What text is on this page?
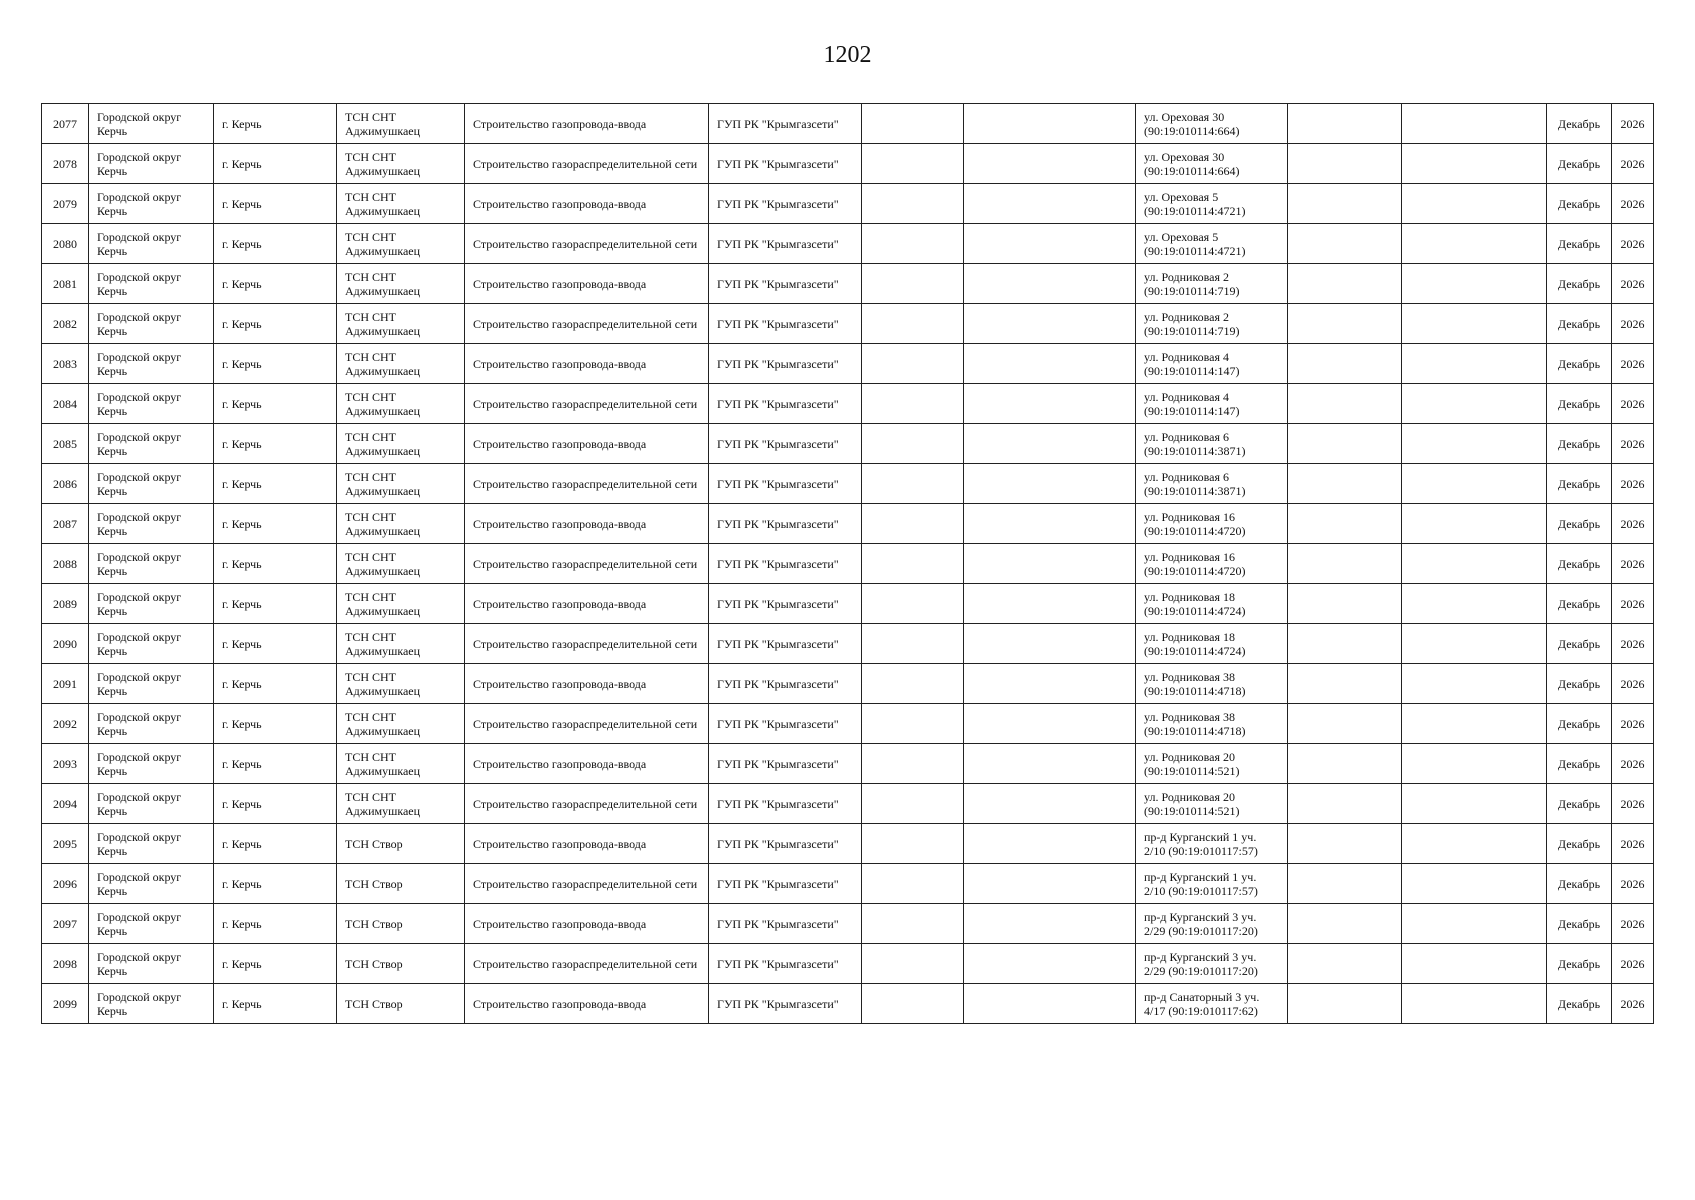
1202
2077	Городской округ Керчь	г. Керчь	ТСН СНТ Аджимушкаец	Строительство газопровода-ввода	ГУП РК "Крымгазсети"			ул. Ореховая 30 (90:19:010114:664)			Декабрь	2026
2078	Городской округ Керчь	г. Керчь	ТСН СНТ Аджимушкаец	Строительство газораспределительной сети	ГУП РК "Крымгазсети"			ул. Ореховая 30 (90:19:010114:664)			Декабрь	2026
2079	Городской округ Керчь	г. Керчь	ТСН СНТ Аджимушкаец	Строительство газопровода-ввода	ГУП РК "Крымгазсети"			ул. Ореховая 5 (90:19:010114:4721)			Декабрь	2026
2080	Городской округ Керчь	г. Керчь	ТСН СНТ Аджимушкаец	Строительство газораспределительной сети	ГУП РК "Крымгазсети"			ул. Ореховая 5 (90:19:010114:4721)			Декабрь	2026
2081	Городской округ Керчь	г. Керчь	ТСН СНТ Аджимушкаец	Строительство газопровода-ввода	ГУП РК "Крымгазсети"			ул. Родниковая 2 (90:19:010114:719)			Декабрь	2026
2082	Городской округ Керчь	г. Керчь	ТСН СНТ Аджимушкаец	Строительство газораспределительной сети	ГУП РК "Крымгазсети"			ул. Родниковая 2 (90:19:010114:719)			Декабрь	2026
2083	Городской округ Керчь	г. Керчь	ТСН СНТ Аджимушкаец	Строительство газопровода-ввода	ГУП РК "Крымгазсети"			ул. Родниковая 4 (90:19:010114:147)			Декабрь	2026
2084	Городской округ Керчь	г. Керчь	ТСН СНТ Аджимушкаец	Строительство газораспределительной сети	ГУП РК "Крымгазсети"			ул. Родниковая 4 (90:19:010114:147)			Декабрь	2026
2085	Городской округ Керчь	г. Керчь	ТСН СНТ Аджимушкаец	Строительство газопровода-ввода	ГУП РК "Крымгазсети"			ул. Родниковая 6 (90:19:010114:3871)			Декабрь	2026
2086	Городской округ Керчь	г. Керчь	ТСН СНТ Аджимушкаец	Строительство газораспределительной сети	ГУП РК "Крымгазсети"			ул. Родниковая 6 (90:19:010114:3871)			Декабрь	2026
2087	Городской округ Керчь	г. Керчь	ТСН СНТ Аджимушкаец	Строительство газопровода-ввода	ГУП РК "Крымгазсети"			ул. Родниковая 16 (90:19:010114:4720)			Декабрь	2026
2088	Городской округ Керчь	г. Керчь	ТСН СНТ Аджимушкаец	Строительство газораспределительной сети	ГУП РК "Крымгазсети"			ул. Родниковая 16 (90:19:010114:4720)			Декабрь	2026
2089	Городской округ Керчь	г. Керчь	ТСН СНТ Аджимушкаец	Строительство газопровода-ввода	ГУП РК "Крымгазсети"			ул. Родниковая 18 (90:19:010114:4724)			Декабрь	2026
2090	Городской округ Керчь	г. Керчь	ТСН СНТ Аджимушкаец	Строительство газораспределительной сети	ГУП РК "Крымгазсети"			ул. Родниковая 18 (90:19:010114:4724)			Декабрь	2026
2091	Городской округ Керчь	г. Керчь	ТСН СНТ Аджимушкаец	Строительство газопровода-ввода	ГУП РК "Крымгазсети"			ул. Родниковая 38 (90:19:010114:4718)			Декабрь	2026
2092	Городской округ Керчь	г. Керчь	ТСН СНТ Аджимушкаец	Строительство газораспределительной сети	ГУП РК "Крымгазсети"			ул. Родниковая 38 (90:19:010114:4718)			Декабрь	2026
2093	Городской округ Керчь	г. Керчь	ТСН СНТ Аджимушкаец	Строительство газопровода-ввода	ГУП РК "Крымгазсети"			ул. Родниковая 20 (90:19:010114:521)			Декабрь	2026
2094	Городской округ Керчь	г. Керчь	ТСН СНТ Аджимушкаец	Строительство газораспределительной сети	ГУП РК "Крымгазсети"			ул. Родниковая 20 (90:19:010114:521)			Декабрь	2026
2095	Городской округ Керчь	г. Керчь	ТСН Створ	Строительство газопровода-ввода	ГУП РК "Крымгазсети"			пр-д Курганский 1 уч. 2/10 (90:19:010117:57)			Декабрь	2026
2096	Городской округ Керчь	г. Керчь	ТСН Створ	Строительство газораспределительной сети	ГУП РК "Крымгазсети"			пр-д Курганский 1 уч. 2/10 (90:19:010117:57)			Декабрь	2026
2097	Городской округ Керчь	г. Керчь	ТСН Створ	Строительство газопровода-ввода	ГУП РК "Крымгазсети"			пр-д Курганский 3 уч. 2/29 (90:19:010117:20)			Декабрь	2026
2098	Городской округ Керчь	г. Керчь	ТСН Створ	Строительство газораспределительной сети	ГУП РК "Крымгазсети"			пр-д Курганский 3 уч. 2/29 (90:19:010117:20)			Декабрь	2026
2099	Городской округ Керчь	г. Керчь	ТСН Створ	Строительство газопровода-ввода	ГУП РК "Крымгазсети"			пр-д Санаторный 3 уч. 4/17 (90:19:010117:62)			Декабрь	2026
